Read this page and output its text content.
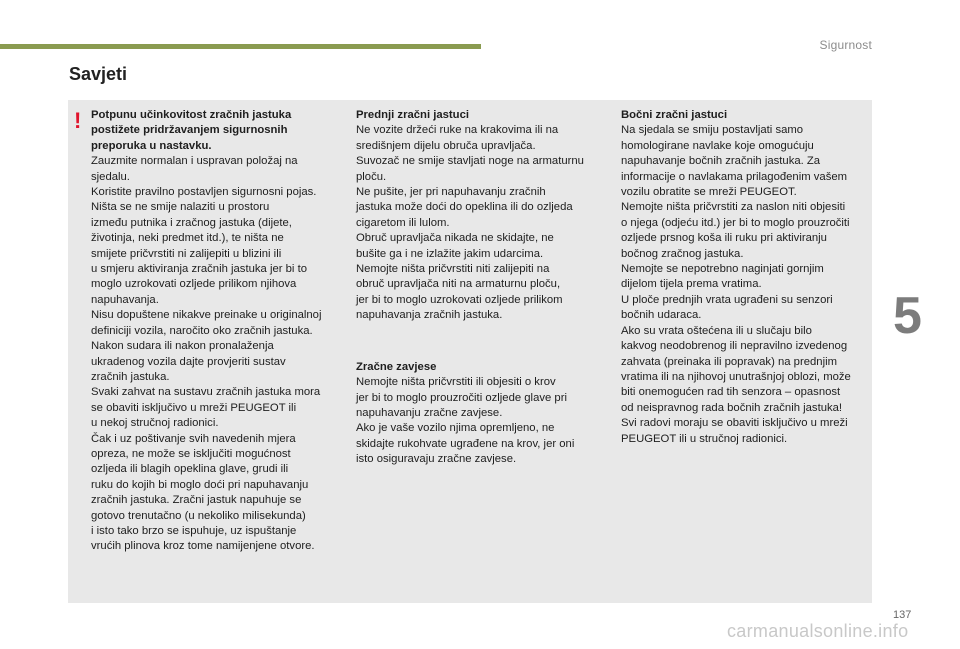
Sigurnost
Savjeti
! Potpunu učinkovitost zračnih jastuka
postižete pridržavanjem sigurnosnih
preporuka u nastavku.

Zauzmite normalan i uspravan položaj na
sjedalu.
Koristite pravilno postavljen sigurnosni pojas.
Ništa se ne smije nalaziti u prostoru
između putnika i zračnog jastuka (dijete,
životinja, neki predmet itd.), te ništa ne
smijete pričvrstiti ni zalijepiti u blizini ili
u smjeru aktiviranja zračnih jastuka jer bi to
moglo uzrokovati ozljede prilikom njihova
napuhavanja.
Nisu dopuštene nikakve preinake u originalnoj
definiciji vozila, naročito oko zračnih jastuka.
Nakon sudara ili nakon pronalaženja
ukradenog vozila dajte provjeriti sustav
zračnih jastuka.
Svaki zahvat na sustavu zračnih jastuka mora
se obaviti isključivo u mreži PEUGEOT ili
u nekoj stručnoj radionici.
Čak i uz poštivanje svih navedenih mjera
opreza, ne može se isključiti mogućnost
ozljeda ili blagih opeklina glave, grudi ili
ruku do kojih bi moglo doći pri napuhavanju
zračnih jastuka. Zračni jastuk napuhuje se
gotovo trenutačno (u nekoliko milisekunda)
i isto tako brzo se ispuhuje, uz ispuštanje
vrućih plinova kroz tome namijenjene otvore.

Prednji zračni jastuci

Ne vozite držeći ruke na krakovima ili na
središnjem dijelu obruča upravljača.
Suvozač ne smije stavljati noge na armaturnu
ploču.
Ne pušite, jer pri napuhavanju zračnih
jastuka može doći do opeklina ili do ozljeda
cigaretom ili lulom.
Obruč upravljača nikada ne skidajte, ne
bušite ga i ne izlažite jakim udarcima.
Nemojte ništa pričvrstiti niti zalijepiti na
obruč upravljača niti na armaturnu ploču,
jer bi to moglo uzrokovati ozljede prilikom
napuhavanja zračnih jastuka.

Zračne zavjese

Nemojte ništa pričvrstiti ili objesiti o krov
jer bi to moglo prouzročiti ozljede glave pri
napuhavanju zračne zavjese.
Ako je vaše vozilo njima opremljeno, ne
skidajte rukohvate ugrađene na krov, jer oni
isto osiguravaju zračne zavjese.

Bočni zračni jastuci

Na sjedala se smiju postavljati samo
homologirane navlake koje omogućuju
napuhavanje bočnih zračnih jastuka. Za
informacije o navlakama prilagođenim vašem
vozilu obratite se mreži PEUGEOT.
Nemojte ništa pričvrstiti za naslon niti objesiti
o njega (odjeću itd.) jer bi to moglo prouzročiti
ozljede prsnog koša ili ruku pri aktiviranju
bočnog zračnog jastuka.
Nemojte se nepotrebno naginjati gornjim
dijelom tijela prema vratima.
U ploče prednjih vrata ugrađeni su senzori
bočnih udaraca.
Ako su vrata oštećena ili u slučaju bilo
kakvog neodobrenog ili nepravilno izvedenog
zahvata (preinaka ili popravak) na prednjim
vratima ili na njihovoj unutrašnjoj oblozi, može
biti onemogućen rad tih senzora – opasnost
od neispravnog rada bočnih zračnih jastuka!
Svi radovi moraju se obaviti isključivo u mreži
PEUGEOT ili u stručnoj radionici.

5
137
carmanualsonline.info
